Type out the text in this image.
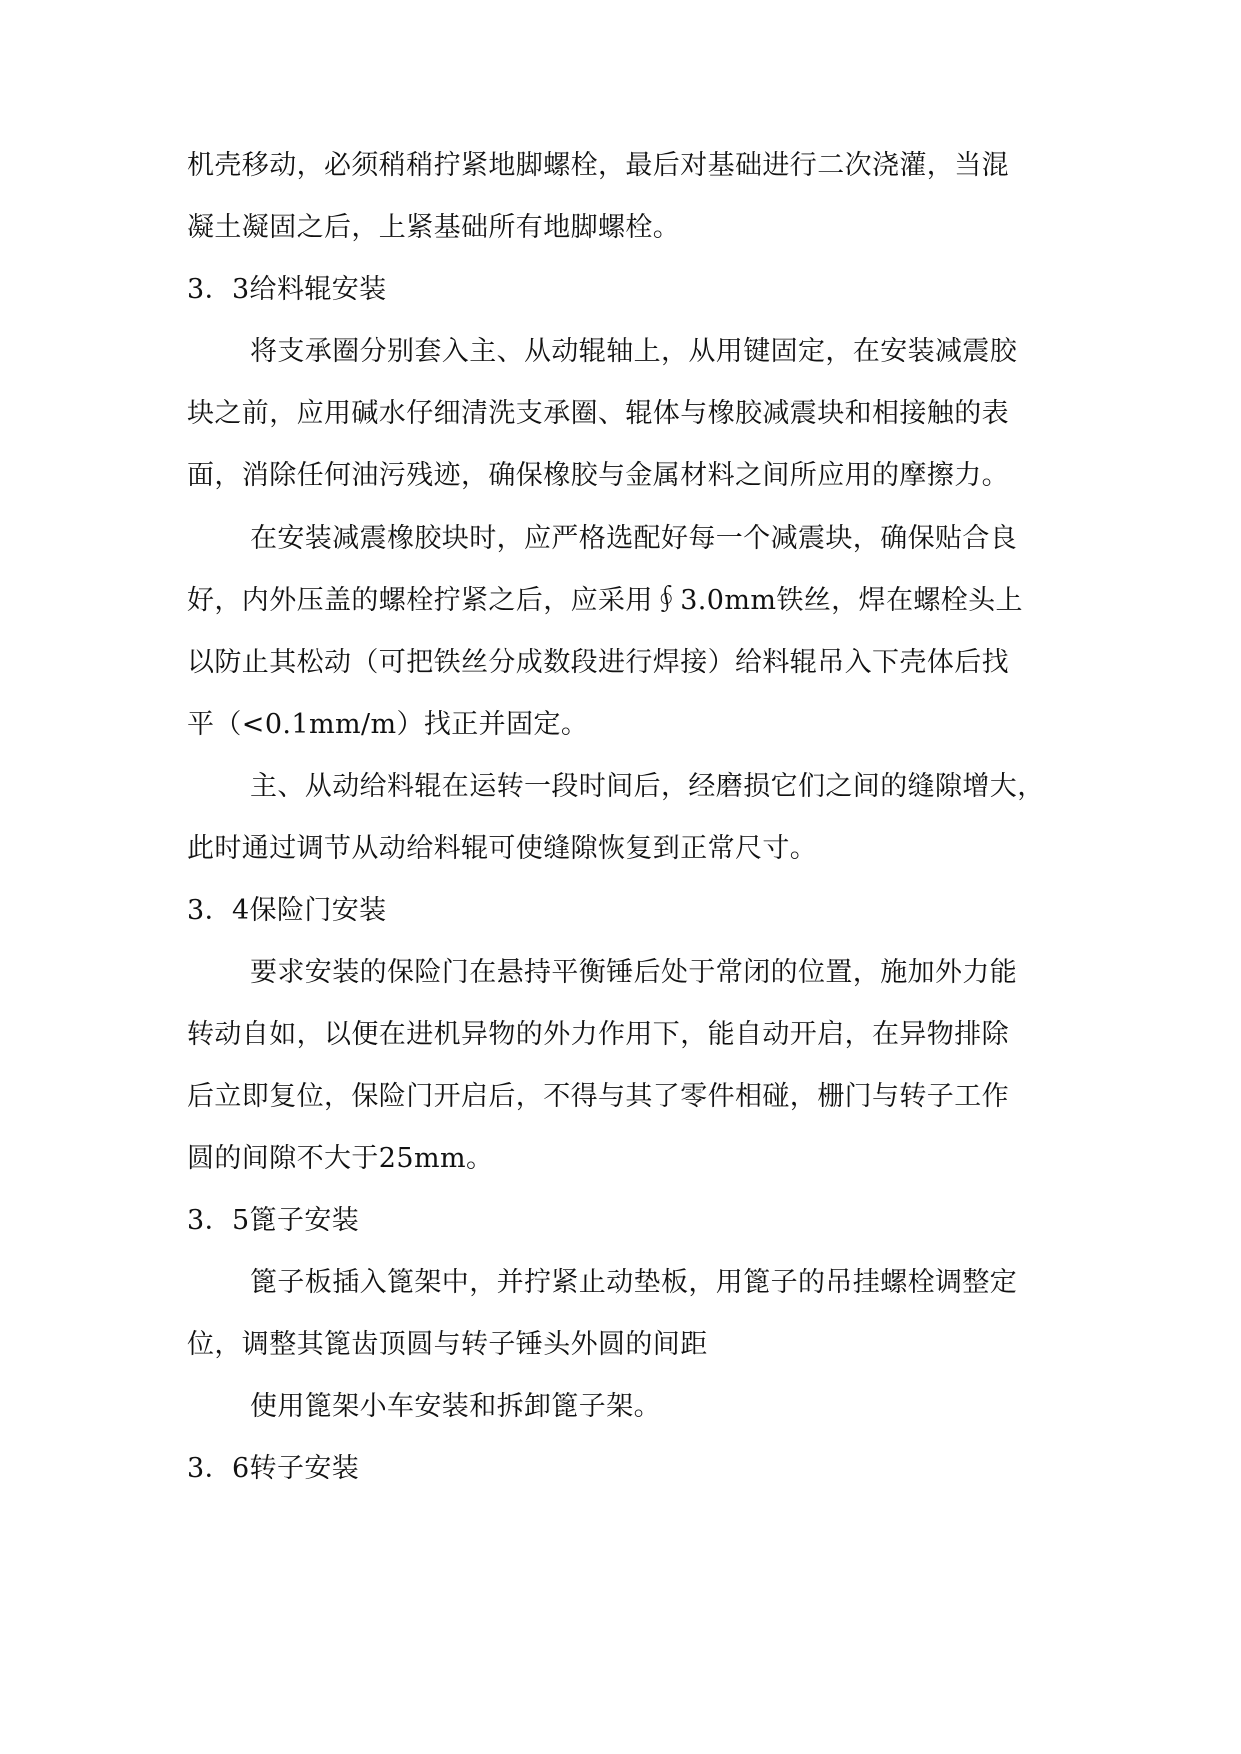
机壳移动，必须稍稍拧紧地脚螺栓，最后对基础进行二次浇灌，当混
凝土凝固之后，上紧基础所有地脚螺栓。
3．3给料辊安装
将支承圈分别套入主、从动辊轴上，从用键固定，在安装减震胶
块之前，应用碱水仔细清洗支承圈、辊体与橡胶减震块和相接触的表
面，消除任何油污残迹，确保橡胶与金属材料之间所应用的摩擦力。
在安装减震橡胶块时，应严格选配好每一个减震块，确保贴合良
好，内外压盖的螺栓拧紧之后，应采用∮3.0mm铁丝，焊在螺栓头上
以防止其松动（可把铁丝分成数段进行焊接）给料辊吊入下壳体后找
平（<0.1mm/m）找正并固定。
主、从动给料辊在运转一段时间后，经磨损它们之间的缝隙增大，
此时通过调节从动给料辊可使缝隙恢复到正常尺寸。
3．4保险门安装
要求安装的保险门在悬持平衡锤后处于常闭的位置，施加外力能
转动自如，以便在进机异物的外力作用下，能自动开启，在异物排除
后立即复位，保险门开启后，不得与其了零件相碰，栅门与转子工作
圆的间隙不大于25mm。
3．5篦子安装
篦子板插入篦架中，并拧紧止动垫板，用篦子的吊挂螺栓调整定
位，调整其篦齿顶圆与转子锤头外圆的间距
使用篦架小车安装和拆卸篦子架。
3．6转子安装
